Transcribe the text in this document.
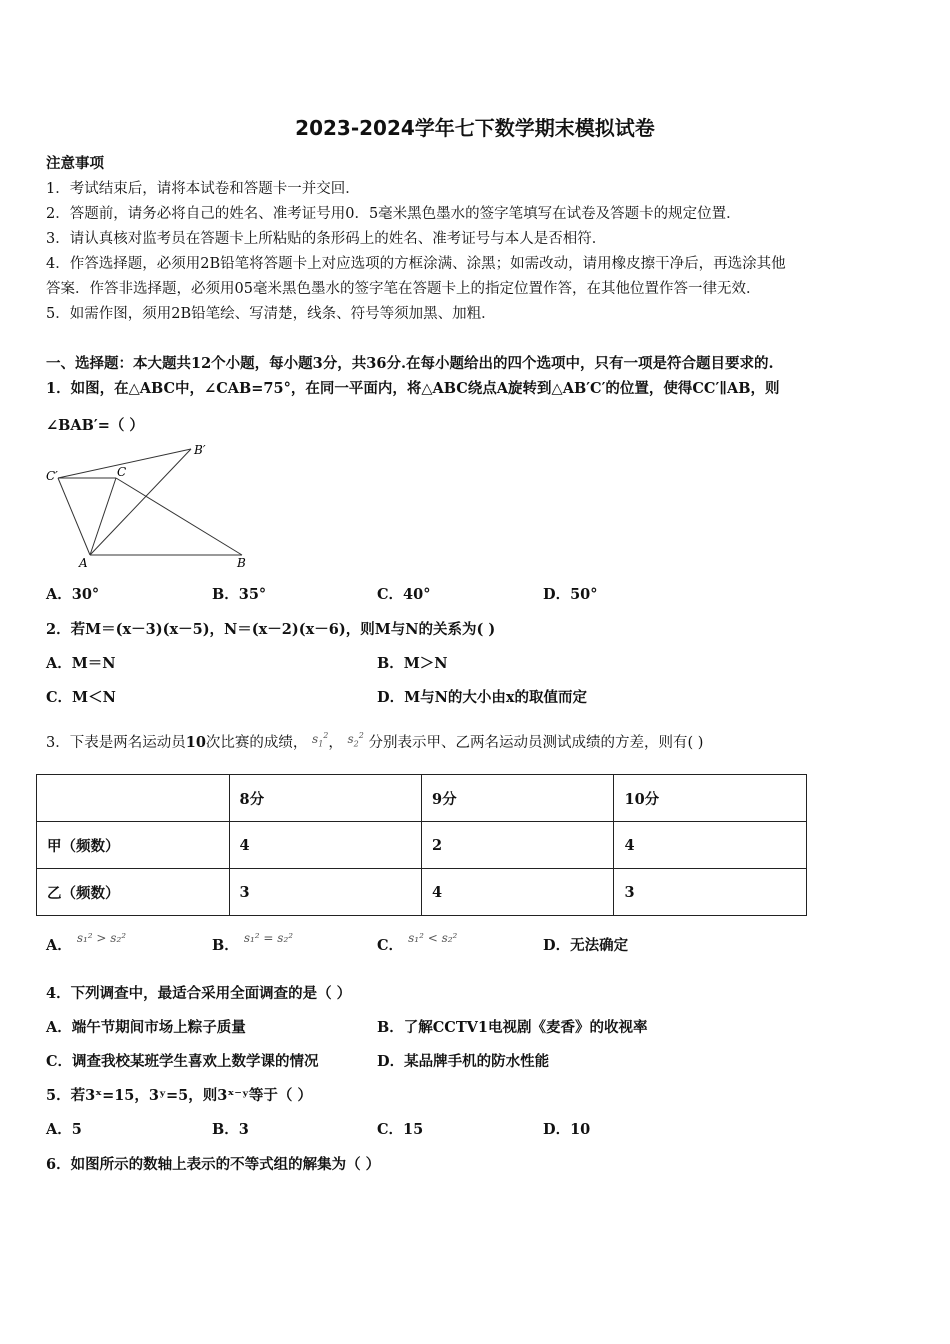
2023-2024学年七下数学期末模拟试卷
注意事项
1．考试结束后，请将本试卷和答题卡一并交回．
2．答题前，请务必将自己的姓名、准考证号用0．5毫米黑色墨水的签字笔填写在试卷及答题卡的规定位置．
3．请认真核对监考员在答题卡上所粘贴的条形码上的姓名、准考证号与本人是否相符．
4．作答选择题，必须用2B铅笔将答题卡上对应选项的方框涂满、涂黑；如需改动，请用橡皮擦干净后，再选涂其他
答案．作答非选择题，必须用05毫米黑色墨水的签字笔在答题卡上的指定位置作答，在其他位置作答一律无效．
5．如需作图，须用2B铅笔绘、写清楚，线条、符号等须加黑、加粗．
一、选择题：本大题共12个小题，每小题3分，共36分.在每小题给出的四个选项中，只有一项是符合题目要求的.
1．如图，在△ABC中，∠CAB=75°，在同一平面内，将△ABC绕点A旋转到△AB′C′的位置，使得CC′∥AB，则
∠BAB′=（ ）
C′	C
B′
A	B
A．30°	B．35°	C．40°	D．50°
2．若M＝(x－3)(x－5)，N＝(x－2)(x－6)，则M与N的关系为( )
A．M＝N	B．M＞N
C．M＜N	D．M与N的大小由x的取值而定
3．下表是两名运动员10次比赛的成绩， $^{s_1^2}$， $^{s_2^2}$ 分别表示甲、乙两名运动员测试成绩的方差，则有( )
	8分	9分	10分
甲（频数）	4	2	4
乙（频数）	3	4	3
A． $^{s_1^2 > s_2^2}$	B． $^{s_1^2 = s_2^2}$	C． $^{s_1^2 < s_2^2}$	D．无法确定
4．下列调查中，最适合采用全面调查的是（ ）
A．端午节期间市场上粽子质量	B．了解CCTV1电视剧《麦香》的收视率
C．调查我校某班学生喜欢上数学课的情况	D．某品牌手机的防水性能
5．若3ˣ=15，3ʸ=5，则3ˣ⁻ʸ等于（ ）
A．5	B．3	C．15	D．10
6．如图所示的数轴上表示的不等式组的解集为（ ）
